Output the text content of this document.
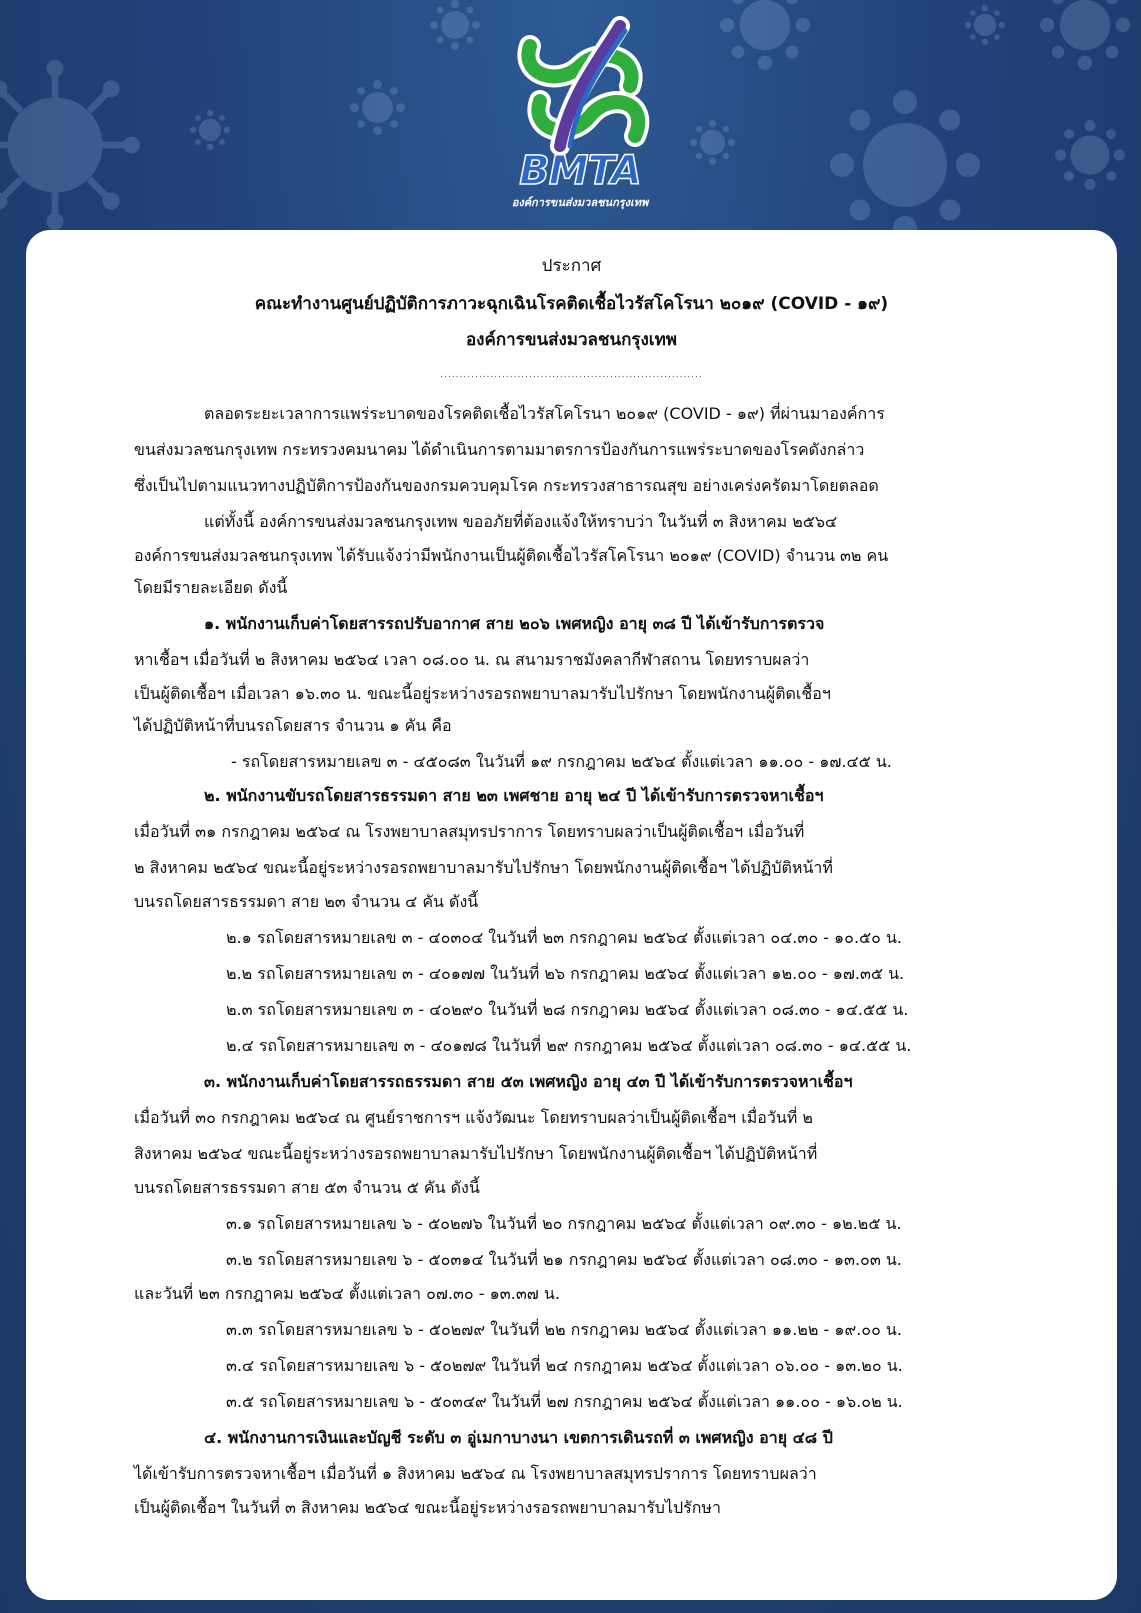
BMTA
องค์การขนส่งมวลชนกรุงเทพ
ประกาศ
คณะทำงานศูนย์ปฏิบัติการภาวะฉุกเฉินโรคติดเชื้อไวรัสโคโรนา ๒๐๑๙ (COVID - ๑๙)
องค์การขนส่งมวลชนกรุงเทพ
....................................................................
ตลอดระยะเวลาการแพร่ระบาดของโรคติดเชื้อไวรัสโคโรนา ๒๐๑๙ (COVID - ๑๙) ที่ผ่านมาองค์การ
ขนส่งมวลชนกรุงเทพ กระทรวงคมนาคม ได้ดำเนินการตามมาตรการป้องกันการแพร่ระบาดของโรคดังกล่าว
ซึ่งเป็นไปตามแนวทางปฏิบัติการป้องกันของกรมควบคุมโรค กระทรวงสาธารณสุข อย่างเคร่งครัดมาโดยตลอด
แต่ทั้งนี้ องค์การขนส่งมวลชนกรุงเทพ ขออภัยที่ต้องแจ้งให้ทราบว่า ในวันที่ ๓ สิงหาคม ๒๕๖๔
องค์การขนส่งมวลชนกรุงเทพ ได้รับแจ้งว่ามีพนักงานเป็นผู้ติดเชื้อไวรัสโคโรนา ๒๐๑๙ (COVID) จำนวน ๓๒ คน
โดยมีรายละเอียด ดังนี้
๑. พนักงานเก็บค่าโดยสารรถปรับอากาศ สาย ๒๐๖ เพศหญิง อายุ ๓๘ ปี ได้เข้ารับการตรวจ
หาเชื้อฯ เมื่อวันที่ ๒ สิงหาคม ๒๕๖๔ เวลา ๐๘.๐๐ น. ณ สนามราชมังคลากีฬาสถาน โดยทราบผลว่า
เป็นผู้ติดเชื้อฯ เมื่อเวลา ๑๖.๓๐ น. ขณะนี้อยู่ระหว่างรอรถพยาบาลมารับไปรักษา โดยพนักงานผู้ติดเชื้อฯ
ได้ปฏิบัติหน้าที่บนรถโดยสาร จำนวน ๑ คัน คือ
- รถโดยสารหมายเลข ๓ - ๔๕๐๘๓ ในวันที่ ๑๙ กรกฎาคม ๒๕๖๔ ตั้งแต่เวลา ๑๑.๐๐ - ๑๗.๔๕ น.
๒. พนักงานขับรถโดยสารธรรมดา สาย ๒๓ เพศชาย อายุ ๒๔ ปี ได้เข้ารับการตรวจหาเชื้อฯ
เมื่อวันที่ ๓๑ กรกฎาคม ๒๕๖๔ ณ โรงพยาบาลสมุทรปราการ โดยทราบผลว่าเป็นผู้ติดเชื้อฯ เมื่อวันที่
๒ สิงหาคม ๒๕๖๔ ขณะนี้อยู่ระหว่างรอรถพยาบาลมารับไปรักษา โดยพนักงานผู้ติดเชื้อฯ ได้ปฏิบัติหน้าที่
บนรถโดยสารธรรมดา สาย ๒๓ จำนวน ๔ คัน ดังนี้
๒.๑ รถโดยสารหมายเลข ๓ - ๔๐๓๐๔ ในวันที่ ๒๓ กรกฎาคม ๒๕๖๔ ตั้งแต่เวลา ๐๔.๓๐ - ๑๐.๕๐ น.
๒.๒ รถโดยสารหมายเลข ๓ - ๔๐๑๗๗ ในวันที่ ๒๖ กรกฎาคม ๒๕๖๔ ตั้งแต่เวลา ๑๒.๐๐ - ๑๗.๓๕ น.
๒.๓ รถโดยสารหมายเลข ๓ - ๔๐๒๙๐ ในวันที่ ๒๘ กรกฎาคม ๒๕๖๔ ตั้งแต่เวลา ๐๘.๓๐ - ๑๔.๕๕ น.
๒.๔ รถโดยสารหมายเลข ๓ - ๔๐๑๗๘ ในวันที่ ๒๙ กรกฎาคม ๒๕๖๔ ตั้งแต่เวลา ๐๘.๓๐ - ๑๔.๕๕ น.
๓. พนักงานเก็บค่าโดยสารรถธรรมดา สาย ๕๓ เพศหญิง อายุ ๔๓ ปี ได้เข้ารับการตรวจหาเชื้อฯ
เมื่อวันที่ ๓๐ กรกฎาคม ๒๕๖๔ ณ ศูนย์ราชการฯ แจ้งวัฒนะ โดยทราบผลว่าเป็นผู้ติดเชื้อฯ เมื่อวันที่ ๒
สิงหาคม ๒๕๖๔ ขณะนี้อยู่ระหว่างรอรถพยาบาลมารับไปรักษา โดยพนักงานผู้ติดเชื้อฯ ได้ปฏิบัติหน้าที่
บนรถโดยสารธรรมดา สาย ๕๓ จำนวน ๕ คัน ดังนี้
๓.๑ รถโดยสารหมายเลข ๖ - ๕๐๒๗๖ ในวันที่ ๒๐ กรกฎาคม ๒๕๖๔ ตั้งแต่เวลา ๐๙.๓๐ - ๑๒.๒๕ น.
๓.๒ รถโดยสารหมายเลข ๖ - ๕๐๓๑๔ ในวันที่ ๒๑ กรกฎาคม ๒๕๖๔ ตั้งแต่เวลา ๐๘.๓๐ - ๑๓.๐๓ น.
และวันที่ ๒๓ กรกฎาคม ๒๕๖๔ ตั้งแต่เวลา ๐๗.๓๐ - ๑๓.๓๗ น.
๓.๓ รถโดยสารหมายเลข ๖ - ๕๐๒๗๙ ในวันที่ ๒๒ กรกฎาคม ๒๕๖๔ ตั้งแต่เวลา ๑๑.๒๒ - ๑๙.๐๐ น.
๓.๔ รถโดยสารหมายเลข ๖ - ๕๐๒๗๙ ในวันที่ ๒๔ กรกฎาคม ๒๕๖๔ ตั้งแต่เวลา ๐๖.๐๐ - ๑๓.๒๐ น.
๓.๕ รถโดยสารหมายเลข ๖ - ๕๐๓๔๙ ในวันที่ ๒๗ กรกฎาคม ๒๕๖๔ ตั้งแต่เวลา ๑๑.๐๐ - ๑๖.๐๒ น.
๔. พนักงานการเงินและบัญชี ระดับ ๓ อู่เมกาบางนา เขตการเดินรถที่ ๓ เพศหญิง อายุ ๔๘ ปี
ได้เข้ารับการตรวจหาเชื้อฯ เมื่อวันที่ ๑ สิงหาคม ๒๕๖๔ ณ โรงพยาบาลสมุทรปราการ โดยทราบผลว่า
เป็นผู้ติดเชื้อฯ ในวันที่ ๓ สิงหาคม ๒๕๖๔ ขณะนี้อยู่ระหว่างรอรถพยาบาลมารับไปรักษา
